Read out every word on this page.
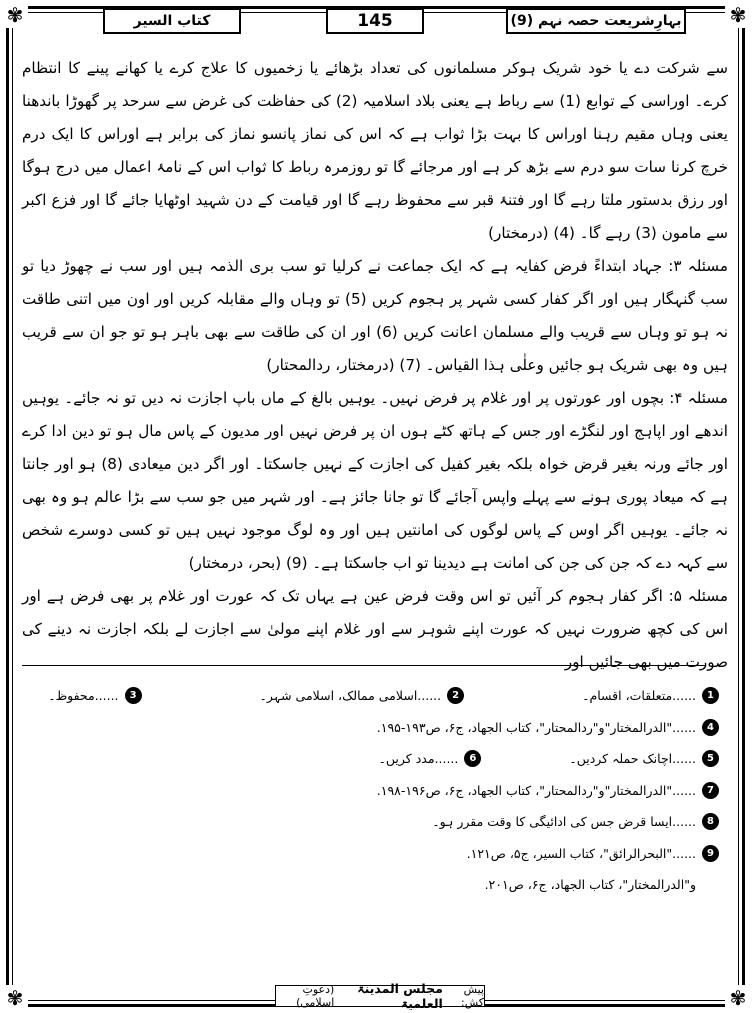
✾	✾
✾	✾
بہارِشریعت حصہ نہم (9)
145
کتاب السیر

سے شرکت دے یا خود شریک ہوکر مسلمانوں کی تعداد بڑھائے یا زخمیوں کا علاج کرے یا کھانے پینے کا انتظام کرے۔ اوراسی کے توابع (1) سے رباط ہے یعنی بلاد اسلامیہ (2) کی حفاظت کی غرض سے سرحد پر گھوڑا باندھنا یعنی وہاں مقیم رہنا اوراس کا بہت بڑا ثواب ہے کہ اس کی نماز پانسو نماز کی برابر ہے اوراس کا ایک درم خرچ کرنا سات سو درم سے بڑھ کر ہے اور مرجائے گا تو روزمرہ رباط کا ثواب اس کے نامۂ اعمال میں درج ہوگا اور رزق بدستور ملتا رہے گا اور فتنۂ قبر سے محفوظ رہے گا اور قیامت کے دن شہید اوٹھایا جائے گا اور فزع اکبر سے مامون (3) رہے گا۔ (4) (درمختار)

مسئلہ ۳: جہاد ابتداءً فرض کفایہ ہے کہ ایک جماعت نے کرلیا تو سب بری الذمہ ہیں اور سب نے چھوڑ دیا تو سب گنہگار ہیں اور اگر کفار کسی شہر پر ہجوم کریں (5) تو وہاں والے مقابلہ کریں اور اون میں اتنی طاقت نہ ہو تو وہاں سے قریب والے مسلمان اعانت کریں (6) اور ان کی طاقت سے بھی باہر ہو تو جو ان سے قریب ہیں وہ بھی شریک ہو جائیں وعلٰی ہذا القیاس۔ (7) (درمختار، ردالمحتار)

مسئلہ ۴: بچوں اور عورتوں پر اور غلام پر فرض نہیں۔ یوہیں بالغ کے ماں باپ اجازت نہ دیں تو نہ جائے۔ یوہیں اندھے اور اپاہج اور لنگڑے اور جس کے ہاتھ کٹے ہوں ان پر فرض نہیں اور مدیون کے پاس مال ہو تو دین ادا کرے اور جائے ورنہ بغیر قرض خواہ بلکہ بغیر کفیل کی اجازت کے نہیں جاسکتا۔ اور اگر دین میعادی (8) ہو اور جانتا ہے کہ میعاد پوری ہونے سے پہلے واپس آجائے گا تو جانا جائز ہے۔ اور شہر میں جو سب سے بڑا عالم ہو وہ بھی نہ جائے۔ یوہیں اگر اوس کے پاس لوگوں کی امانتیں ہیں اور وہ لوگ موجود نہیں ہیں تو کسی دوسرے شخص سے کہہ دے کہ جن کی جن کی امانت ہے دیدینا تو اب جاسکتا ہے۔ (9) (بحر، درمختار)

مسئلہ ۵: اگر کفار ہجوم کر آئیں تو اس وقت فرض عین ہے یہاں تک کہ عورت اور غلام پر بھی فرض ہے اور اس کی کچھ ضرورت نہیں کہ عورت اپنے شوہر سے اور غلام اپنے مولیٰ سے اجازت لے بلکہ اجازت نہ دینے کی صورت میں بھی جائیں اور

1
......متعلقات، اقسام۔
2
......اسلامی ممالک، اسلامی شہر۔
3
......محفوظ۔
4
......"الدرالمختار"و"ردالمحتار"، کتاب الجهاد، ج۶، ص۱۹۳-۱۹۵.
5
......اچانک حملہ کردیں۔
6
......مدد کریں۔
7
......"الدرالمختار"و"ردالمحتار"، کتاب الجهاد، ج۶، ص۱۹۶-۱۹۸.
8
......ایسا قرض جس کی ادائیگی کا وقت مقرر ہو۔
9
......"البحرالرائق"، کتاب السیر، ج۵، ص۱۲۱.
و"الدرالمختار"، کتاب الجهاد، ج۶، ص۲۰۱.
پیش کش:
مجلس المدینۃ العلمیۃ
(دعوتِ اسلامی)
